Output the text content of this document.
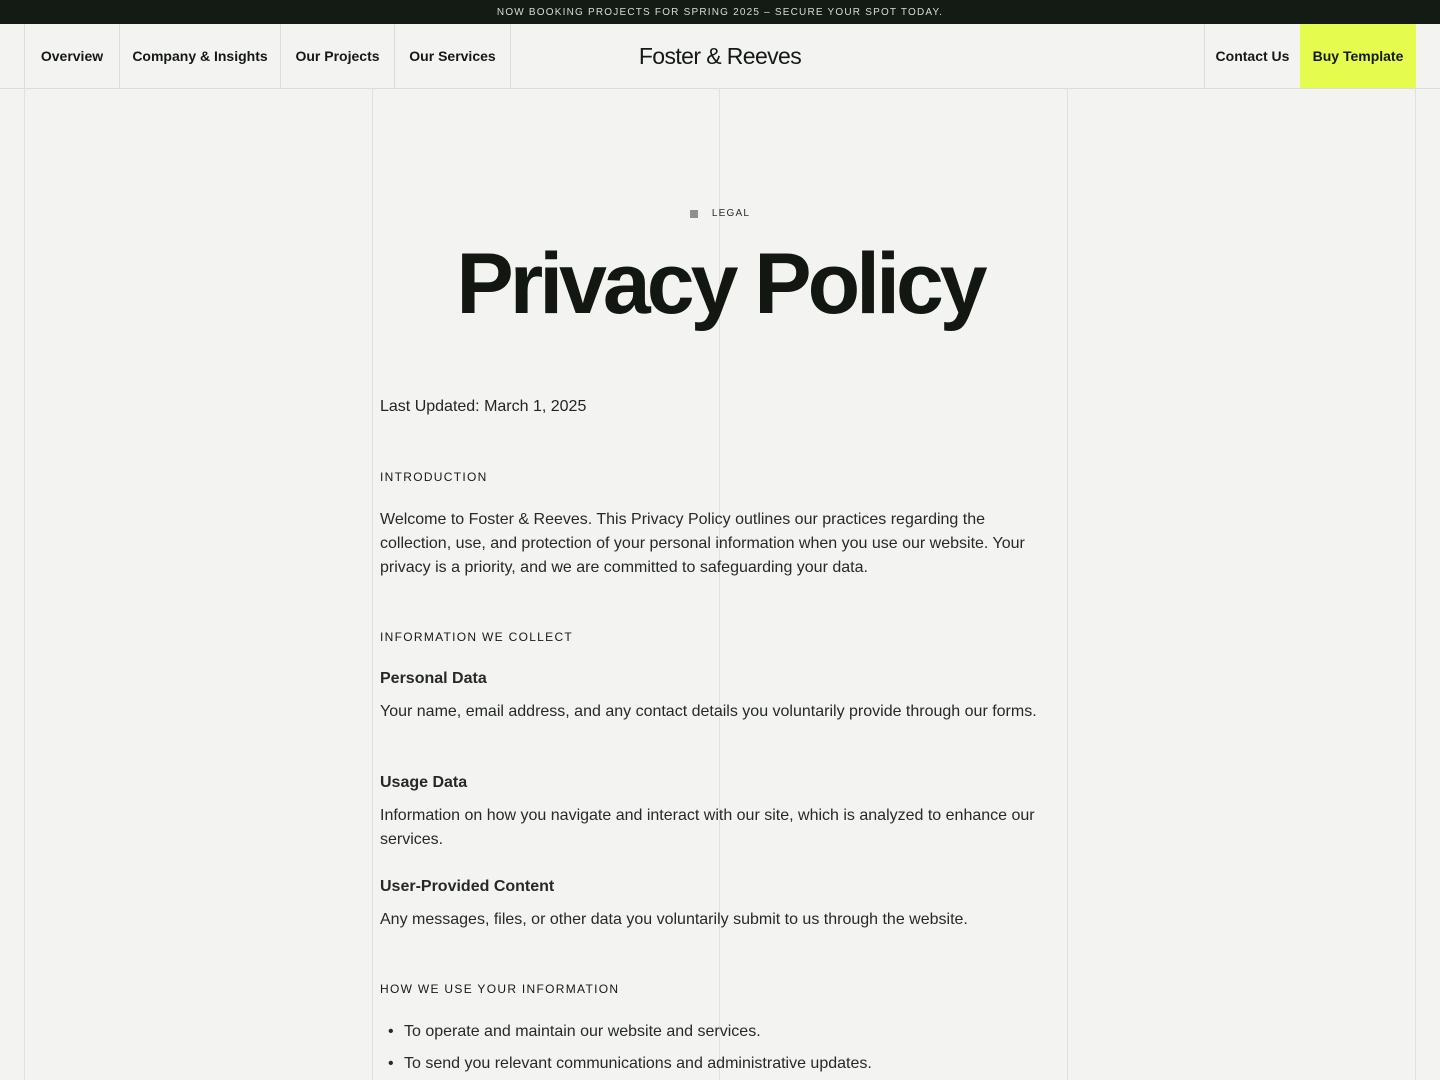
NOW BOOKING PROJECTS FOR SPRING 2025 – SECURE YOUR SPOT TODAY.
Overview	Company & Insights	Our Projects	Our Services	Foster & Reeves	Contact Us	Buy Template
LEGAL
Privacy Policy
Last Updated: March 1, 2025
INTRODUCTION

Welcome to Foster & Reeves. This Privacy Policy outlines our practices regarding the collection, use, and protection of your personal information when you use our website. Your privacy is a priority, and we are committed to safeguarding your data.

INFORMATION WE COLLECT
Personal Data

Your name, email address, and any contact details you voluntarily provide through our forms.

Usage Data

Information on how you navigate and interact with our site, which is analyzed to enhance our services.

User-Provided Content

Any messages, files, or other data you voluntarily submit to us through the website.

HOW WE USE YOUR INFORMATION
• To operate and maintain our website and services.
• To send you relevant communications and administrative updates.
